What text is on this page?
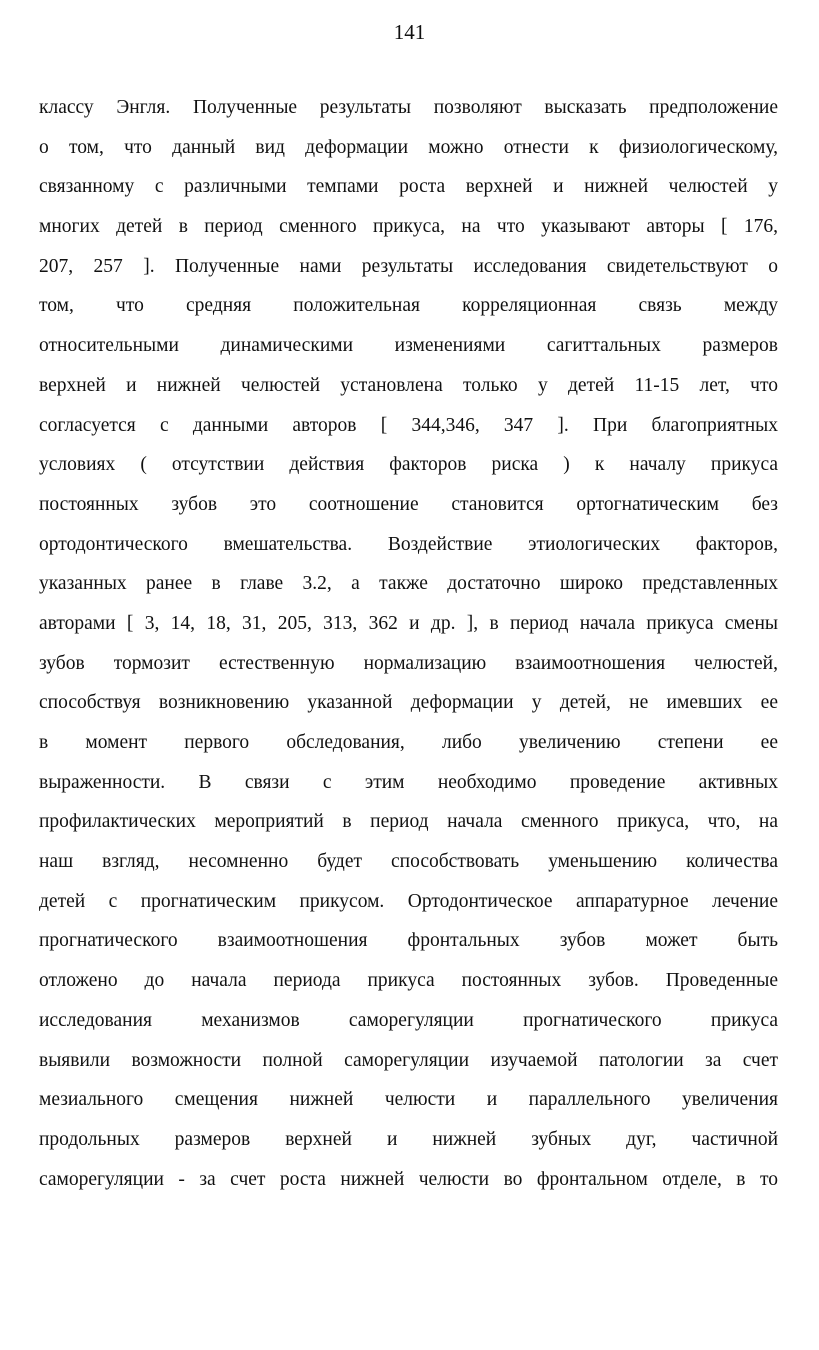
141
классу Энгля. Полученные результаты позволяют высказать предположение
о том, что данный вид деформации можно отнести к физиологическому,
связанному с различными темпами роста верхней и нижней челюстей у
многих детей в период сменного прикуса, на что указывают авторы [ 176,
207, 257 ]. Полученные нами результаты исследования свидетельствуют о
том, что средняя положительная корреляционная связь между
относительными динамическими изменениями сагиттальных размеров
верхней и нижней челюстей установлена только у детей 11-15 лет, что
согласуется с данными авторов [ 344,346, 347 ]. При благоприятных
условиях ( отсутствии действия факторов риска ) к началу прикуса
постоянных зубов это соотношение становится ортогнатическим без
ортодонтического вмешательства. Воздействие этиологических факторов,
указанных ранее в главе 3.2, а также достаточно широко представленных
авторами [ 3, 14, 18, 31, 205, 313, 362 и др. ], в период начала прикуса смены
зубов тормозит естественную нормализацию взаимоотношения челюстей,
способствуя возникновению указанной деформации у детей, не имевших ее
в момент первого обследования, либо увеличению степени ее
выраженности. В связи с этим необходимо проведение активных
профилактических мероприятий в период начала сменного прикуса, что, на
наш взгляд, несомненно будет способствовать уменьшению количества
детей с прогнатическим прикусом. Ортодонтическое аппаратурное лечение
прогнатического взаимоотношения фронтальных зубов может быть
отложено до начала периода прикуса постоянных зубов. Проведенные
исследования механизмов саморегуляции прогнатического прикуса
выявили возможности полной саморегуляции изучаемой патологии за счет
мезиального смещения нижней челюсти и параллельного увеличения
продольных размеров верхней и нижней зубных дуг, частичной
саморегуляции - за счет роста нижней челюсти во фронтальном отделе, в то
